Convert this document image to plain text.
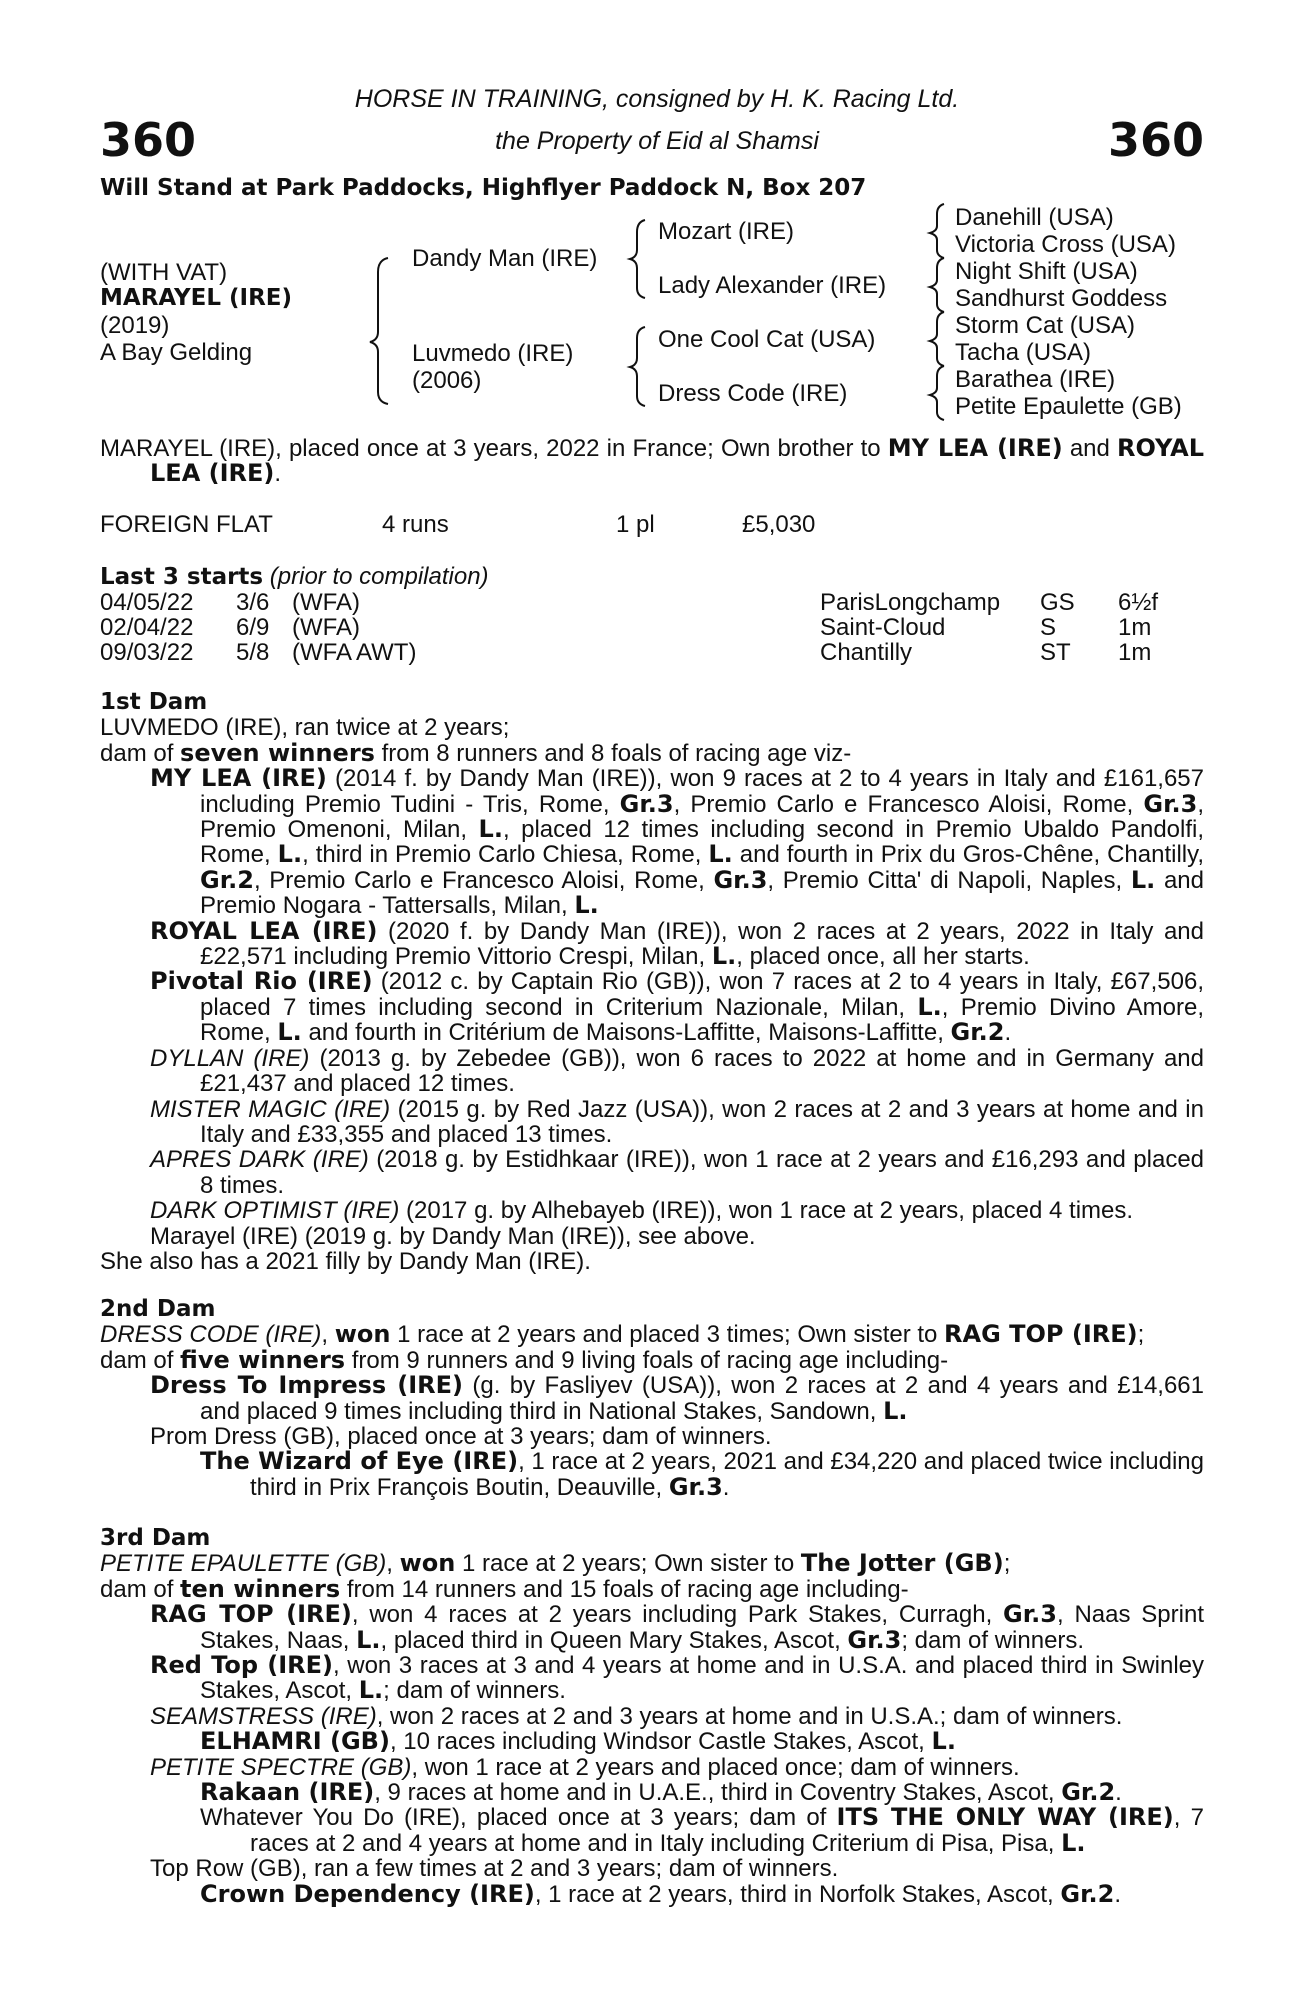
360	360
HORSE IN TRAINING, consigned by H. K. Racing Ltd.
the Property of Eid al Shamsi
Will Stand at Park Paddocks, Highflyer Paddock N, Box 207
(WITH VAT)
MARAYEL (IRE)
(2019)
A Bay Gelding
Dandy Man (IRE)
Luvmedo (IRE)
(2006)
Mozart (IRE)
Lady Alexander (IRE)
One Cool Cat (USA)
Dress Code (IRE)
Danehill (USA)
Victoria Cross (USA)
Night Shift (USA)
Sandhurst Goddess
Storm Cat (USA)
Tacha (USA)
Barathea (IRE)
Petite Epaulette (GB)

MARAYEL (IRE), placed once at 3 years, 2022 in France; Own brother to MY LEA (IRE) and ROYAL LEA (IRE).

FOREIGN FLAT	4 runs	1 pl	£5,030
Last 3 starts (prior to compilation)
04/05/22 3/6 (WFA)	ParisLongchamp GS 6½f
02/04/22 6/9 (WFA)	Saint-Cloud	S	1m
09/03/22 5/8 (WFA AWT)	Chantilly	ST 1m

1st Dam

LUVMEDO (IRE), ran twice at 2 years;

dam of seven winners from 8 runners and 8 foals of racing age viz-

MY LEA (IRE) (2014 f. by Dandy Man (IRE)), won 9 races at 2 to 4 years in Italy and £161,657 including Premio Tudini - Tris, Rome, Gr.3, Premio Carlo e Francesco Aloisi, Rome, Gr.3, Premio Omenoni, Milan, L., placed 12 times including second in Premio Ubaldo Pandolfi, Rome, L., third in Premio Carlo Chiesa, Rome, L. and fourth in Prix du Gros-Chêne, Chantilly, Gr.2, Premio Carlo e Francesco Aloisi, Rome, Gr.3, Premio Citta' di Napoli, Naples, L. and Premio Nogara - Tattersalls, Milan, L.

ROYAL LEA (IRE) (2020 f. by Dandy Man (IRE)), won 2 races at 2 years, 2022 in Italy and £22,571 including Premio Vittorio Crespi, Milan, L., placed once, all her starts.

Pivotal Rio (IRE) (2012 c. by Captain Rio (GB)), won 7 races at 2 to 4 years in Italy, £67,506, placed 7 times including second in Criterium Nazionale, Milan, L., Premio Divino Amore, Rome, L. and fourth in Critérium de Maisons-Laffitte, Maisons-Laffitte, Gr.2.

DYLLAN (IRE) (2013 g. by Zebedee (GB)), won 6 races to 2022 at home and in Germany and £21,437 and placed 12 times.

MISTER MAGIC (IRE) (2015 g. by Red Jazz (USA)), won 2 races at 2 and 3 years at home and in Italy and £33,355 and placed 13 times.

APRES DARK (IRE) (2018 g. by Estidhkaar (IRE)), won 1 race at 2 years and £16,293 and placed 8 times.

DARK OPTIMIST (IRE) (2017 g. by Alhebayeb (IRE)), won 1 race at 2 years, placed 4 times.

Marayel (IRE) (2019 g. by Dandy Man (IRE)), see above.

She also has a 2021 filly by Dandy Man (IRE).

2nd Dam

DRESS CODE (IRE), won 1 race at 2 years and placed 3 times; Own sister to RAG TOP (IRE);

dam of five winners from 9 runners and 9 living foals of racing age including-

Dress To Impress (IRE) (g. by Fasliyev (USA)), won 2 races at 2 and 4 years and £14,661 and placed 9 times including third in National Stakes, Sandown, L.

Prom Dress (GB), placed once at 3 years; dam of winners.

The Wizard of Eye (IRE), 1 race at 2 years, 2021 and £34,220 and placed twice including third in Prix François Boutin, Deauville, Gr.3.

3rd Dam

PETITE EPAULETTE (GB), won 1 race at 2 years; Own sister to The Jotter (GB);

dam of ten winners from 14 runners and 15 foals of racing age including-

RAG TOP (IRE), won 4 races at 2 years including Park Stakes, Curragh, Gr.3, Naas Sprint Stakes, Naas, L., placed third in Queen Mary Stakes, Ascot, Gr.3; dam of winners.

Red Top (IRE), won 3 races at 3 and 4 years at home and in U.S.A. and placed third in Swinley Stakes, Ascot, L.; dam of winners.

SEAMSTRESS (IRE), won 2 races at 2 and 3 years at home and in U.S.A.; dam of winners.

ELHAMRI (GB), 10 races including Windsor Castle Stakes, Ascot, L.

PETITE SPECTRE (GB), won 1 race at 2 years and placed once; dam of winners.

Rakaan (IRE), 9 races at home and in U.A.E., third in Coventry Stakes, Ascot, Gr.2.

Whatever You Do (IRE), placed once at 3 years; dam of ITS THE ONLY WAY (IRE), 7 races at 2 and 4 years at home and in Italy including Criterium di Pisa, Pisa, L.

Top Row (GB), ran a few times at 2 and 3 years; dam of winners.

Crown Dependency (IRE), 1 race at 2 years, third in Norfolk Stakes, Ascot, Gr.2.
